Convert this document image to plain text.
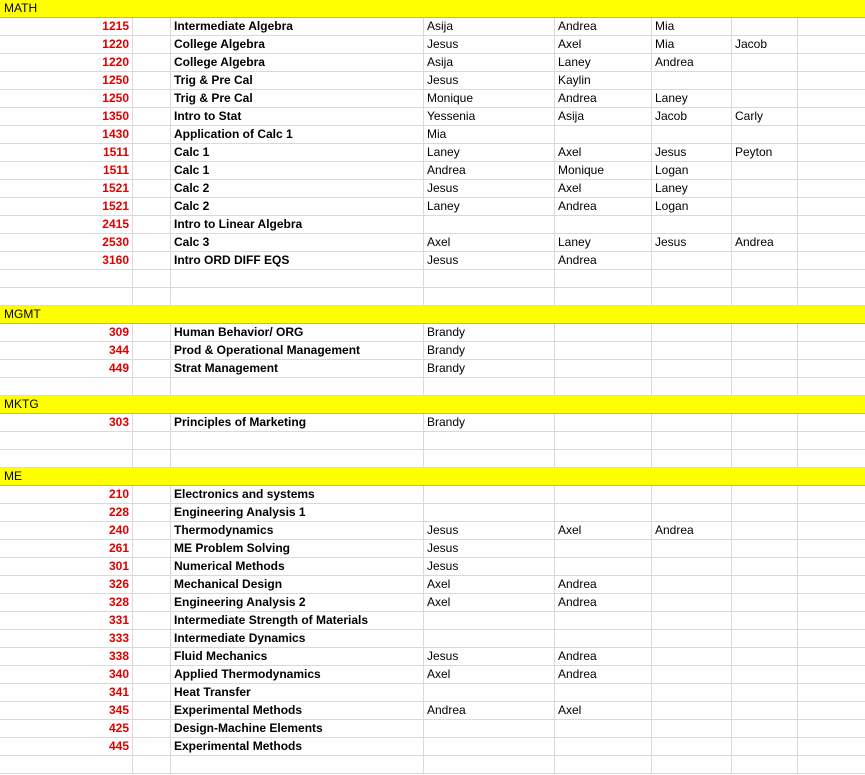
MATH
1215	Intermediate Algebra	Asija	Andrea	Mia
1220	College Algebra	Jesus	Axel	Mia	Jacob
1220	College Algebra	Asija	Laney	Andrea
1250	Trig & Pre Cal	Jesus	Kaylin
1250	Trig & Pre Cal	Monique	Andrea	Laney
1350	Intro to Stat	Yessenia	Asija	Jacob	Carly
1430	Application of Calc 1	Mia
1511	Calc 1	Laney	Axel	Jesus	Peyton
1511	Calc 1	Andrea	Monique	Logan
1521	Calc 2	Jesus	Axel	Laney
1521	Calc 2	Laney	Andrea	Logan
2415	Intro to Linear Algebra
2530	Calc 3	Axel	Laney	Jesus	Andrea
3160	Intro ORD DIFF EQS	Jesus	Andrea
MGMT
309	Human Behavior/ ORG	Brandy
344	Prod & Operational Management	Brandy
449	Strat Management	Brandy
MKTG
303	Principles of Marketing	Brandy
ME
210	Electronics and systems
228	Engineering Analysis 1
240	Thermodynamics	Jesus	Axel	Andrea
261	ME Problem Solving	Jesus
301	Numerical Methods	Jesus
326	Mechanical Design	Axel	Andrea
328	Engineering Analysis 2	Axel	Andrea
331	Intermediate Strength of Materials
333	Intermediate Dynamics
338	Fluid Mechanics	Jesus	Andrea
340	Applied Thermodynamics	Axel	Andrea
341	Heat Transfer
345	Experimental Methods	Andrea	Axel
425	Design-Machine Elements
445	Experimental Methods
